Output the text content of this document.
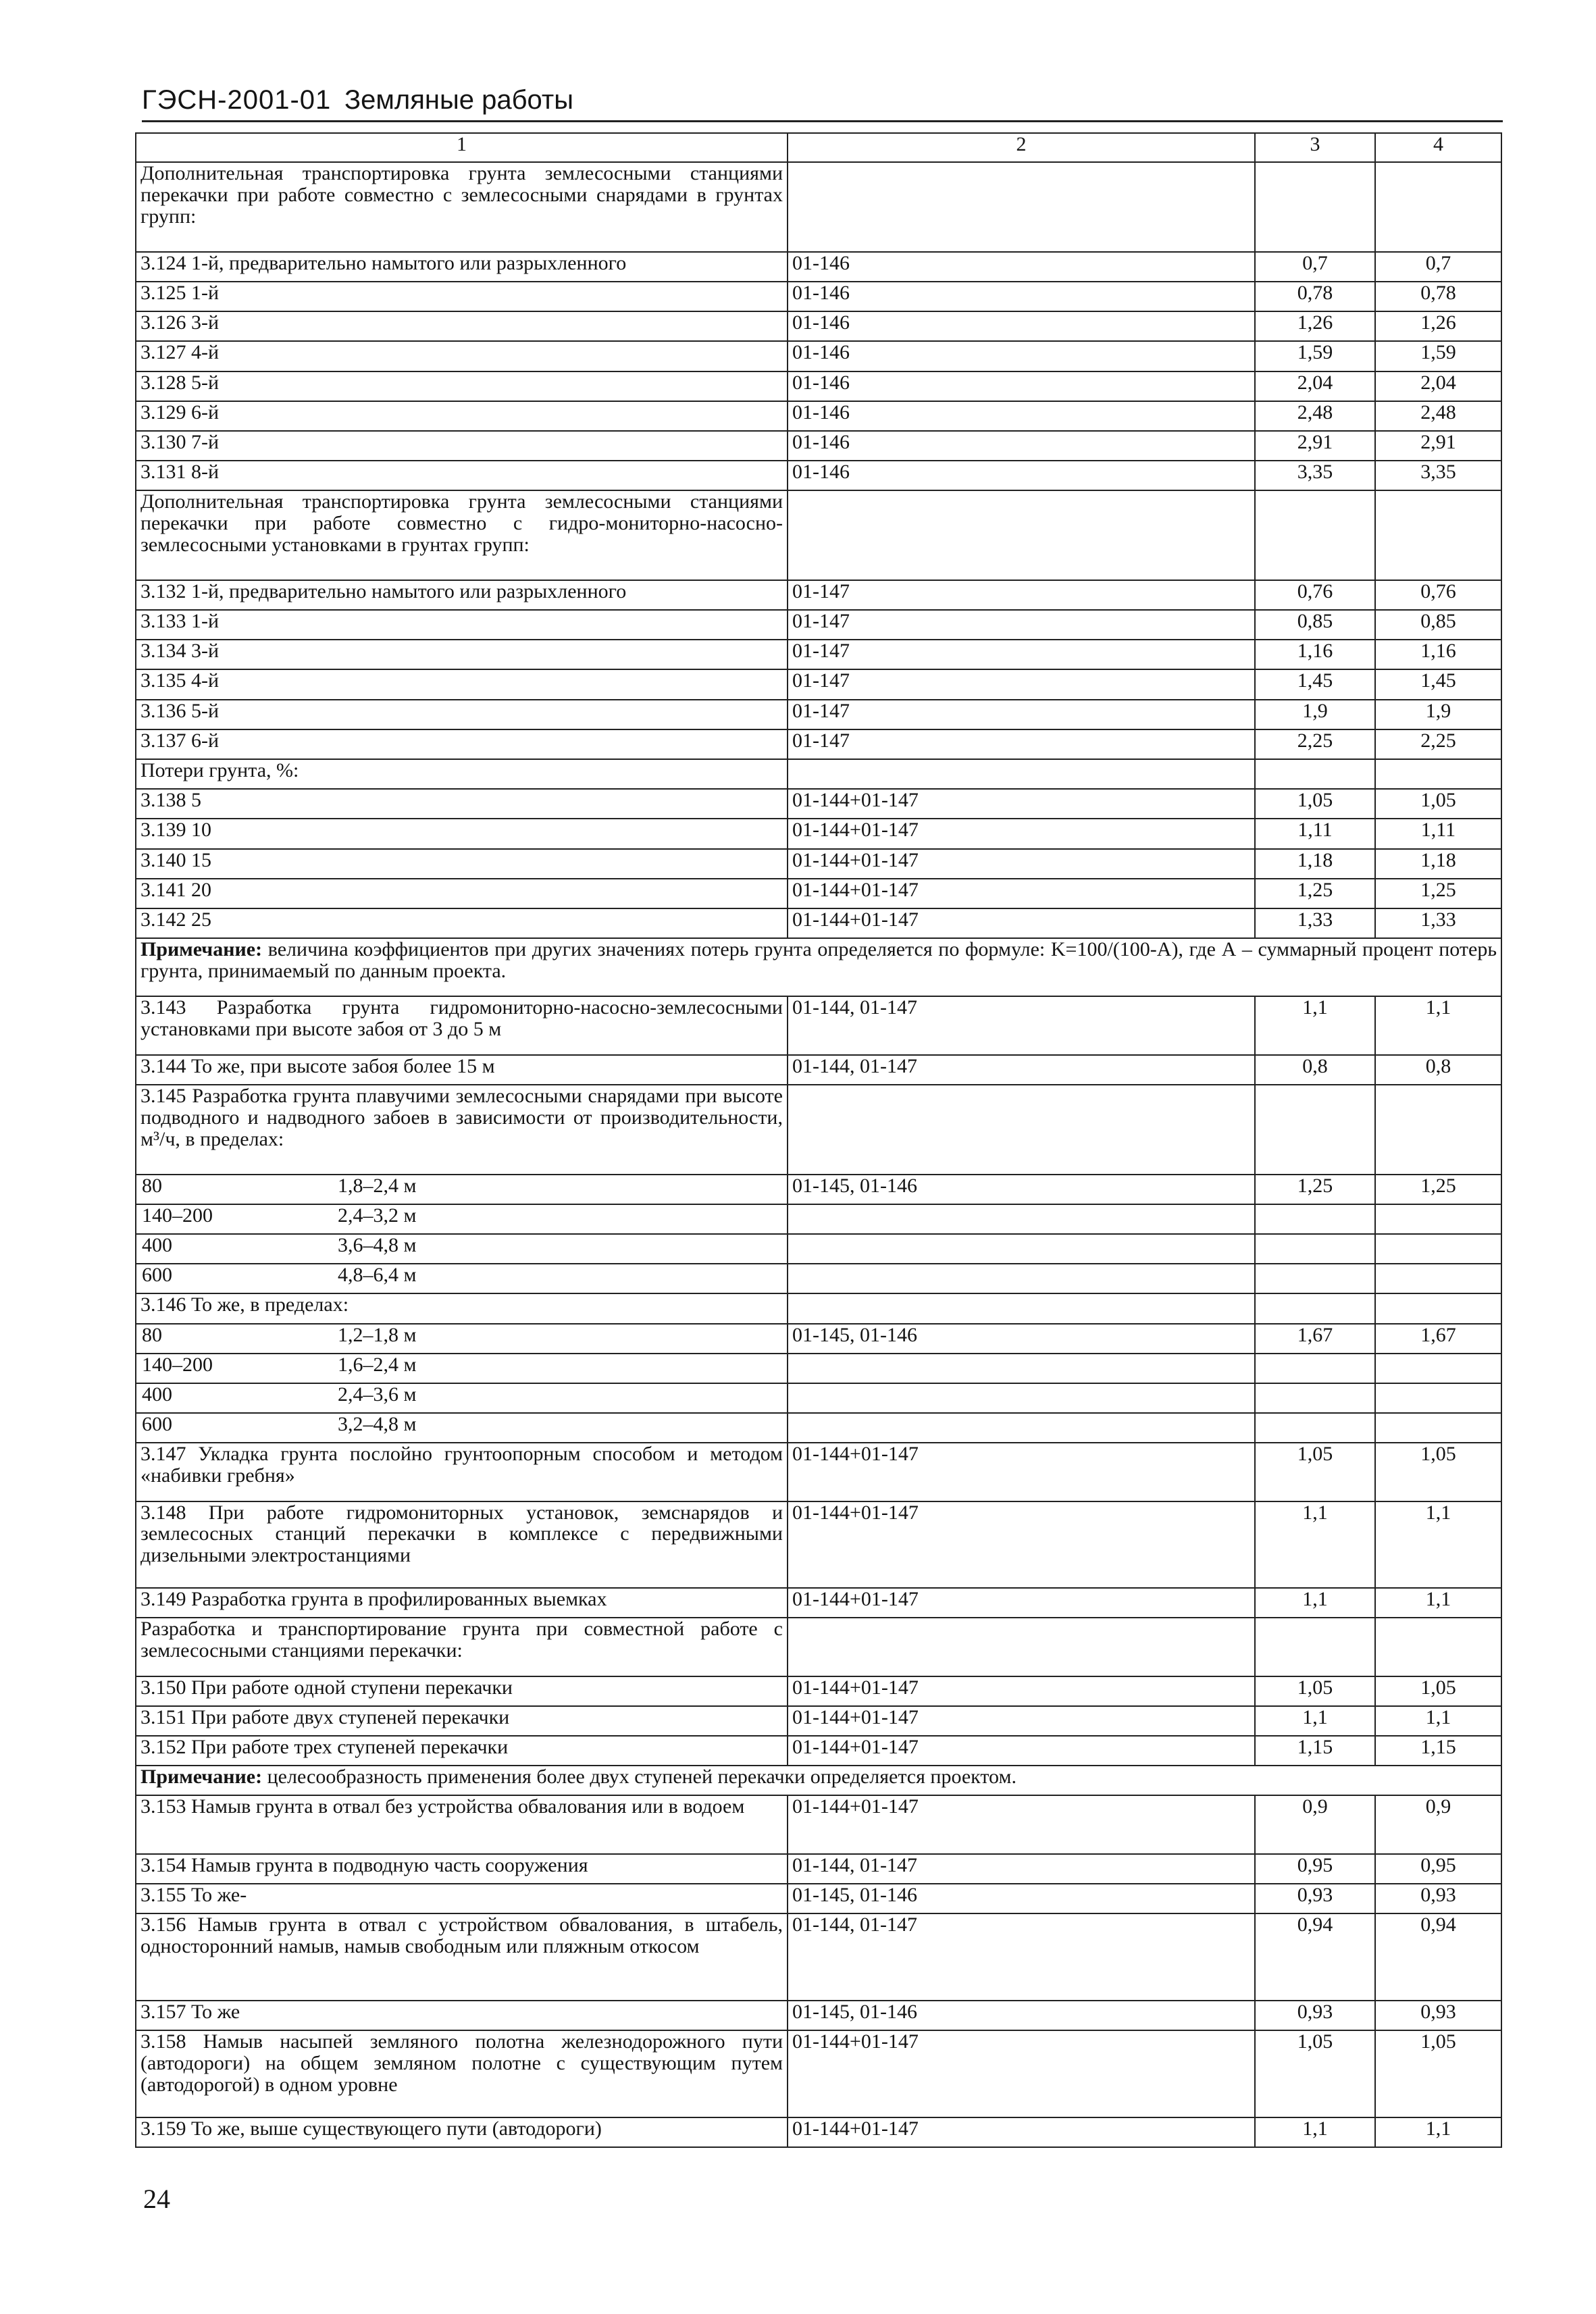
ГЭСН-2001-01 Земляные работы
1	2	3	4
Дополнительная транспортировка грунта землесосными станциями перекачки при работе совместно с землесосными снарядами в грунтах групп:			
3.124 1-й, предварительно намытого или разрыхленного	01-146	0,7	0,7
3.125 1-й	01-146	0,78	0,78
3.126 3-й	01-146	1,26	1,26
3.127 4-й	01-146	1,59	1,59
3.128 5-й	01-146	2,04	2,04
3.129 6-й	01-146	2,48	2,48
3.130 7-й	01-146	2,91	2,91
3.131 8-й	01-146	3,35	3,35
Дополнительная транспортировка грунта землесосными станциями перекачки при работе совместно с гидро-мониторно-насосно-землесосными установками в грунтах групп:			
3.132 1-й, предварительно намытого или разрыхленного	01-147	0,76	0,76
3.133 1-й	01-147	0,85	0,85
3.134 3-й	01-147	1,16	1,16
3.135 4-й	01-147	1,45	1,45
3.136 5-й	01-147	1,9	1,9
3.137 6-й	01-147	2,25	2,25
Потери грунта, %:			
3.138 5	01-144+01-147	1,05	1,05
3.139 10	01-144+01-147	1,11	1,11
3.140 15	01-144+01-147	1,18	1,18
3.141 20	01-144+01-147	1,25	1,25
3.142 25	01-144+01-147	1,33	1,33
Примечание: величина коэффициентов при других значениях потерь грунта определяется по формуле: K=100/(100-A), где А – суммарный процент потерь грунта, принимаемый по данным проекта.			
3.143 Разработка грунта гидромониторно-насосно-землесосными установками при высоте забоя от 3 до 5 м	01-144, 01-147	1,1	1,1
3.144 То же, при высоте забоя более 15 м	01-144, 01-147	0,8	0,8
3.145 Разработка грунта плавучими землесосными снарядами при высоте подводного и надводного забоев в зависимости от производительности, м³/ч, в пределах:			

80 1,8–2,4 м	01-145, 01-146	1,25	1,25

140–200 2,4–3,2 м			

400 3,6–4,8 м			

600 4,8–6,4 м			

3.146 То же, в пределах:			

80 1,2–1,8 м	01-145, 01-146	1,67	1,67

140–200 1,6–2,4 м			

400 2,4–3,6 м			

600 3,2–4,8 м			

3.147 Укладка грунта послойно грунтоопорным способом и методом «набивки гребня»	01-144+01-147	1,05	1,05
3.148 При работе гидромониторных установок, земснарядов и землесосных станций перекачки в комплексе с передвижными дизельными электростанциями	01-144+01-147	1,1	1,1
3.149 Разработка грунта в профилированных выемках	01-144+01-147	1,1	1,1
Разработка и транспортирование грунта при совместной работе с землесосными станциями перекачки:			
3.150 При работе одной ступени перекачки	01-144+01-147	1,05	1,05
3.151 При работе двух ступеней перекачки	01-144+01-147	1,1	1,1
3.152 При работе трех ступеней перекачки	01-144+01-147	1,15	1,15
Примечание: целесообразность применения более двух ступеней перекачки определяется проектом.			
3.153 Намыв грунта в отвал без устройства обвалования или в водоем	01-144+01-147	0,9	0,9
3.154 Намыв грунта в подводную часть сооружения	01-144, 01-147	0,95	0,95
3.155 То же-	01-145, 01-146	0,93	0,93
3.156 Намыв грунта в отвал с устройством обвалования, в штабель, односторонний намыв, намыв свободным или пляжным откосом	01-144, 01-147	0,94	0,94
3.157 То же	01-145, 01-146	0,93	0,93
3.158 Намыв насыпей земляного полотна железнодорожного пути (автодороги) на общем земляном полотне с существующим путем (автодорогой) в одном уровне	01-144+01-147	1,05	1,05
3.159 То же, выше существующего пути (автодороги)	01-144+01-147	1,1	1,1
24
